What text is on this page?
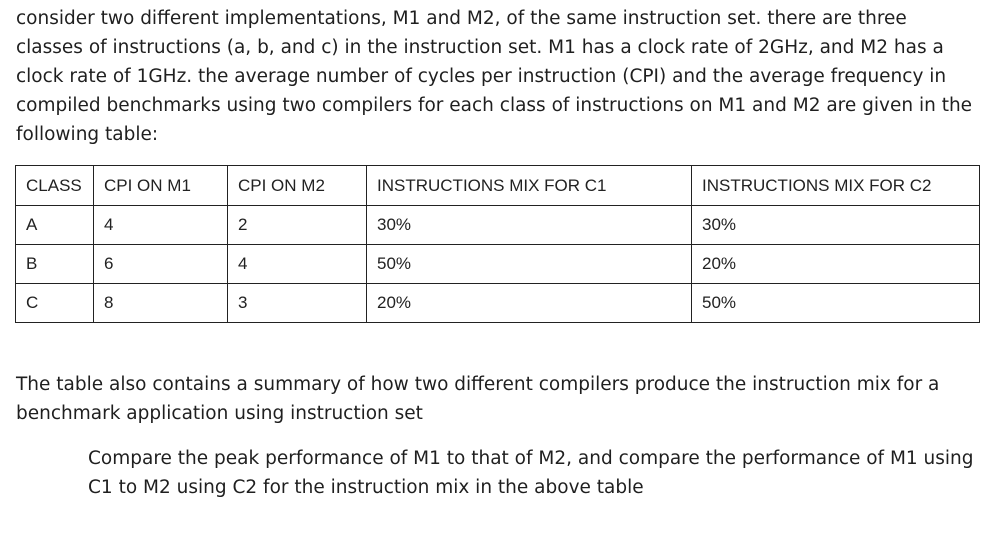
consider two different implementations, M1 and M2, of the same instruction set. there are three classes of instructions (a, b, and c) in the instruction set. M1 has a clock rate of 2GHz, and M2 has a clock rate of 1GHz. the average number of cycles per instruction (CPI) and the average frequency in compiled benchmarks using two compilers for each class of instructions on M1 and M2 are given in the following table:

CLASS	CPI ON M1	CPI ON M2	INSTRUCTIONS MIX FOR C1	INSTRUCTIONS MIX FOR C2
A	4	2	30%	30%
B	6	4	50%	20%
C	8	3	20%	50%

The table also contains a summary of how two different compilers produce the instruction mix for a benchmark application using instruction set

Compare the peak performance of M1 to that of M2, and compare the performance of M1 using C1 to M2 using C2 for the instruction mix in the above table
